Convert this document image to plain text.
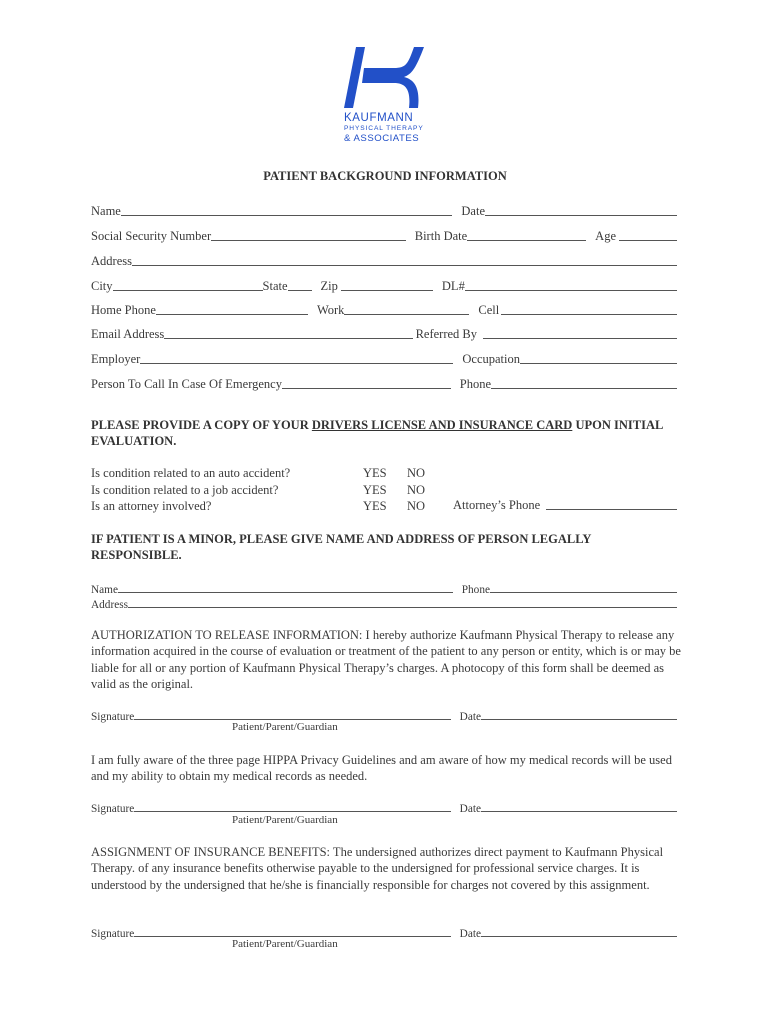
KAUFMANN
PHYSICAL THERAPY
& ASSOCIATES
PATIENT BACKGROUND INFORMATION
Name	Date
Social Security Number	Birth Date	Age
Address
City	State	Zip	DL#
Home Phone	Work	Cell
Email Address	Referred By
Employer	Occupation
Person To Call In Case Of Emergency	Phone
PLEASE PROVIDE A COPY OF YOUR DRIVERS LICENSE AND INSURANCE CARD UPON INITIAL EVALUATION.
Is condition related to an auto accident?	YES NO
Is condition related to a job accident?	YES NO
Is an attorney involved?	YES NO Attorney’s Phone
IF PATIENT IS A MINOR, PLEASE GIVE NAME AND ADDRESS OF PERSON LEGALLY RESPONSIBLE.
Name	Phone
Address
AUTHORIZATION TO RELEASE INFORMATION: I hereby authorize Kaufmann Physical Therapy to release any information acquired in the course of evaluation or treatment of the patient to any person or entity, which is or may be liable for all or any portion of Kaufmann Physical Therapy’s charges. A photocopy of this form shall be deemed as valid as the original.
Signature	Date
Patient/Parent/Guardian
I am fully aware of the three page HIPPA Privacy Guidelines and am aware of how my medical records will be used and my ability to obtain my medical records as needed.
Signature	Date
Patient/Parent/Guardian
ASSIGNMENT OF INSURANCE BENEFITS: The undersigned authorizes direct payment to Kaufmann Physical Therapy. of any insurance benefits otherwise payable to the undersigned for professional service charges. It is understood by the undersigned that he/she is financially responsible for charges not covered by this assignment.
Signature	Date
Patient/Parent/Guardian
